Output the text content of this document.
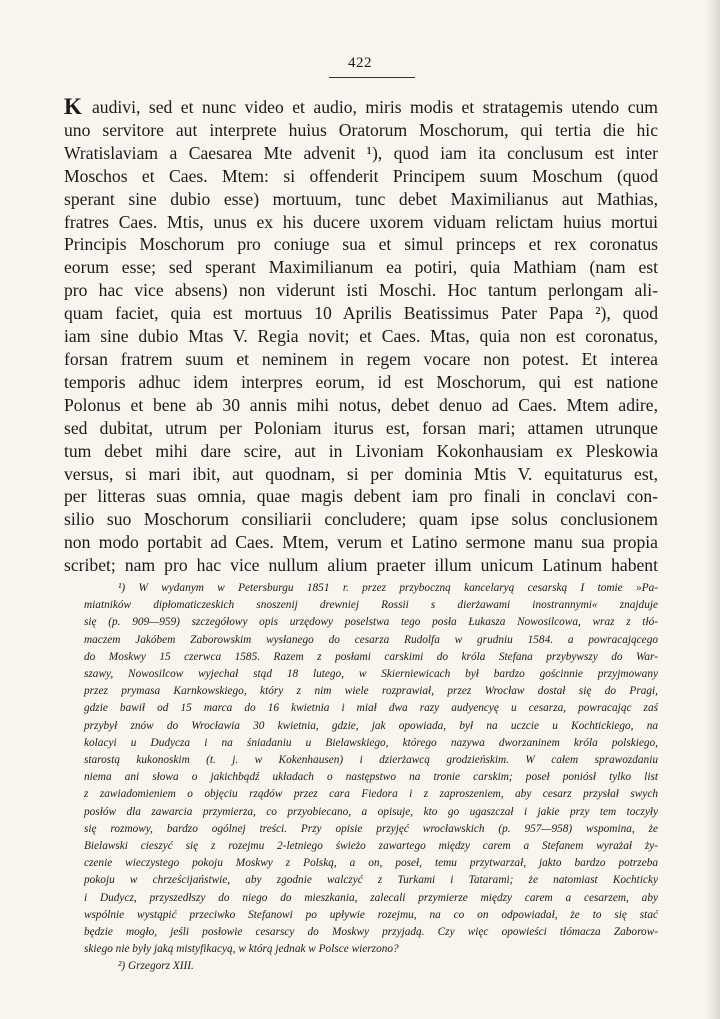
422
K audivi, sed et nunc video et audio, miris modis et stratagemis utendo cum
uno servitore aut interprete huius Oratorum Moschorum, qui tertia die hic
Wratislaviam a Caesarea Mte advenit ¹), quod iam ita conclusum est inter
Moschos et Caes. Mtem: si offenderit Principem suum Moschum (quod
sperant sine dubio esse) mortuum, tunc debet Maximilianus aut Mathias,
fratres Caes. Mtis, unus ex his ducere uxorem viduam relictam huius mortui
Principis Moschorum pro coniuge sua et simul princeps et rex coronatus
eorum esse; sed sperant Maximilianum ea potiri, quia Mathiam (nam est
pro hac vice absens) non viderunt isti Moschi. Hoc tantum perlongam ali-
quam faciet, quia est mortuus 10 Aprilis Beatissimus Pater Papa ²), quod
iam sine dubio Mtas V. Regia novit; et Caes. Mtas, quia non est coronatus,
forsan fratrem suum et neminem in regem vocare non potest. Et interea
temporis adhuc idem interpres eorum, id est Moschorum, qui est natione
Polonus et bene ab 30 annis mihi notus, debet denuo ad Caes. Mtem adire,
sed dubitat, utrum per Poloniam iturus est, forsan mari; attamen utrunque
tum debet mihi dare scire, aut in Livoniam Kokonhausiam ex Pleskowia
versus, si mari ibit, aut quodnam, si per dominia Mtis V. equitaturus est,
per litteras suas omnia, quae magis debent iam pro finali in conclavi con-
silio suo Moschorum consiliarii concludere; quam ipse solus conclusionem
non modo portabit ad Caes. Mtem, verum et Latino sermone manu sua propia
scribet; nam pro hac vice nullum alium praeter illum unicum Latinum habent
¹) W wydanym w Petersburgu 1851 r. przez przyboczną kancelaryą cesarską I tomie »Pa-
miatników dipłomaticzeskich snoszenij drewniej Rossii s dierżawami inostrannymi« znajduje
się (p. 909—959) szczegółowy opis urzędowy poselstwa tego posła Łukasza Nowosilcowa, wraz z tłó-
maczem Jakóbem Zaborowskim wysłanego do cesarza Rudolfa w grudniu 1584. a powracającego
do Moskwy 15 czerwca 1585. Razem z posłami carskimi do króla Stefana przybywszy do War-
szawy, Nowosilcow wyjechał stąd 18 lutego, w Skierniewicach był bardzo gościnnie przyjmowany
przez prymasa Karnkowskiego, który z nim wiele rozprawiał, przez Wrocław dostał się do Pragi,
gdzie bawił od 15 marca do 16 kwietnia i miał dwa razy audyencyę u cesarza, powracając zaś
przybył znów do Wrocławia 30 kwietnia, gdzie, jak opowiada, był na uczcie u Kochtickiego, na
kolacyi u Dudycza i na śniadaniu u Bielawskiego, którego nazywa dworzaninem króla polskiego,
starostą kukonoskim (t. j. w Kokenhausen) i dzierżawcą grodzieńskim. W całem sprawozdaniu
niema ani słowa o jakichbądź układach o następstwo na tronie carskim; poseł poniósł tylko list
z zawiadomieniem o objęciu rządów przez cara Fiedora i z zaproszeniem, aby cesarz przysłał swych
posłów dla zawarcia przymierza, co przyobiecano, a opisuje, kto go ugaszczał i jakie przy tem toczyły
się rozmowy, bardzo ogólnej treści. Przy opisie przyjęć wrocławskich (p. 957—958) wspomina, że
Bielawski cieszyć się z rozejmu 2-letniego świeżo zawartego między carem a Stefanem wyrażał ży-
czenie wieczystego pokoju Moskwy z Polską, a on, poseł, temu przytwarzał, jakto bardzo potrzeba
pokoju w chrześcijaństwie, aby zgodnie walczyć z Turkami i Tatarami; że natomiast Kochticky
i Dudycz, przyszedłszy do niego do mieszkania, zalecali przymierze między carem a cesarzem, aby
wspólnie wystąpić przeciwko Stefanowi po upływie rozejmu, na co on odpowiadał, że to się stać
będzie mogło, jeśli posłowie cesarscy do Moskwy przyjadą. Czy więc opowieści tłómacza Zaborow-
skiego nie były jaką mistyfikacyą, w którą jednak w Polsce wierzono?
²) Grzegorz XIII.
